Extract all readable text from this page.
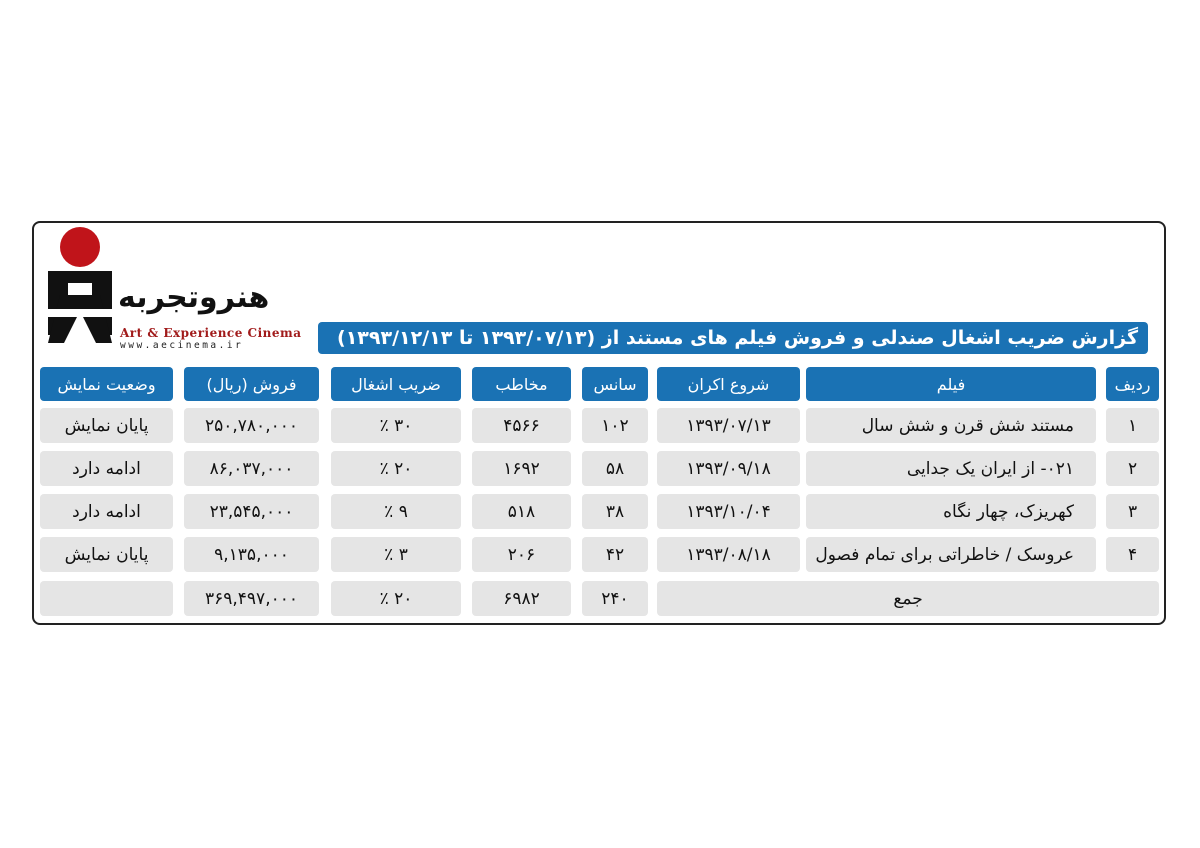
هنروتجربه
Art & Experience Cinema
www.aecinema.ir	گزارش ضریب اشغال صندلی و فروش فیلم های مستند از (۱۳۹۳/۰۷/۱۳ تا ۱۳۹۳/۱۲/۱۳)
ردیف
فیلم
شروع اکران
سانس
مخاطب
ضریب اشغال
فروش (ریال)
وضعیت نمایش
۱
مستند شش قرن و شش سال
۱۳۹۳/۰۷/۱۳
۱۰۲
۴۵۶۶
۳۰ ٪
۲۵۰,۷۸۰,۰۰۰
پایان نمایش
۲
۰۲۱- از ایران یک جدایی
۱۳۹۳/۰۹/۱۸
۵۸
۱۶۹۲
۲۰ ٪
۸۶,۰۳۷,۰۰۰
ادامه دارد
۳
کهریزک، چهار نگاه
۱۳۹۳/۱۰/۰۴
۳۸
۵۱۸
۹ ٪
۲۳,۵۴۵,۰۰۰
ادامه دارد
۴
عروسک / خاطراتی برای تمام فصول
۱۳۹۳/۰۸/۱۸
۴۲
۲۰۶
۳ ٪
۹,۱۳۵,۰۰۰
پایان نمایش
جمع
۲۴۰
۶۹۸۲
۲۰ ٪
۳۶۹,۴۹۷,۰۰۰
